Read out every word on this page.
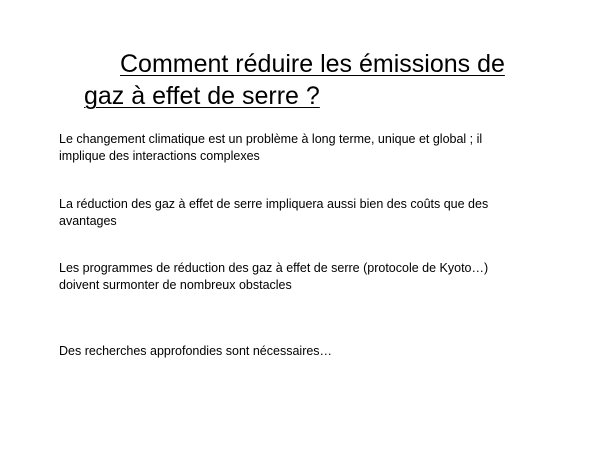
Comment réduire les émissions de gaz à effet de serre ?

Le changement climatique est un problème à long terme, unique et global ; il implique des interactions complexes

La réduction des gaz à effet de serre impliquera aussi bien des coûts que des avantages

Les programmes de réduction des gaz à effet de serre (protocole de Kyoto…) doivent surmonter de nombreux obstacles

Des recherches approfondies sont nécessaires…
